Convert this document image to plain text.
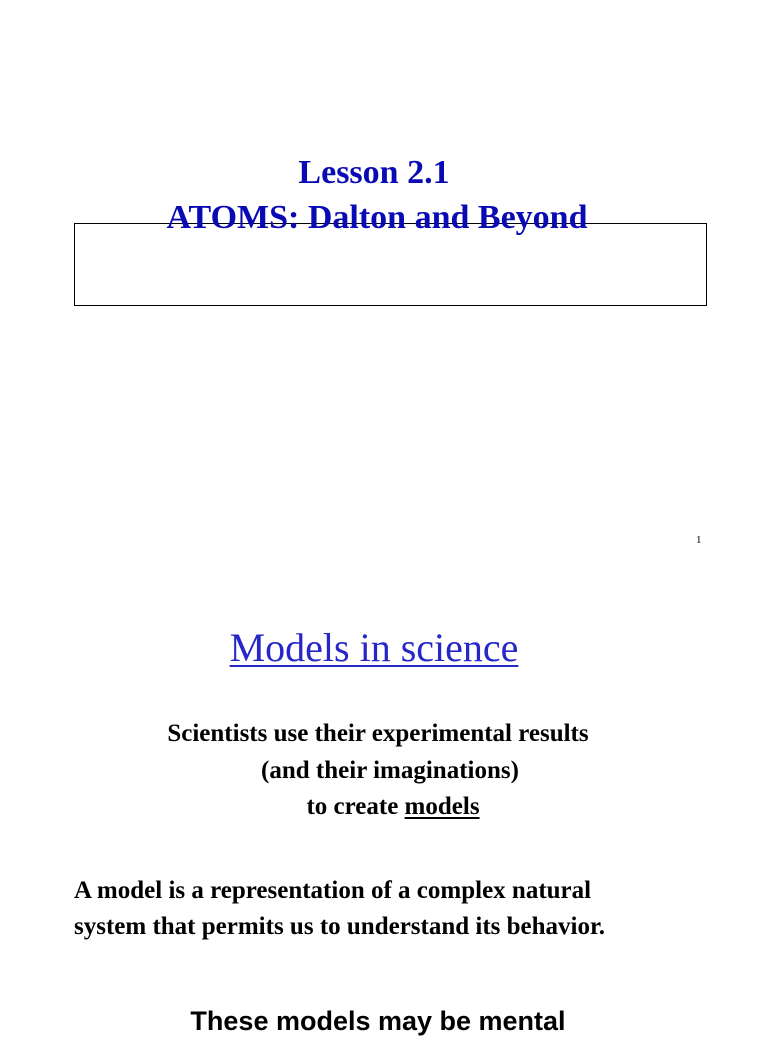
Lesson 2.1
ATOMS: Dalton and Beyond
1
Models in science
Scientists use their experimental results
(and their imaginations)
to create models
A model is a representation of a complex natural
system that permits us to understand its behavior.
These models may be mental
